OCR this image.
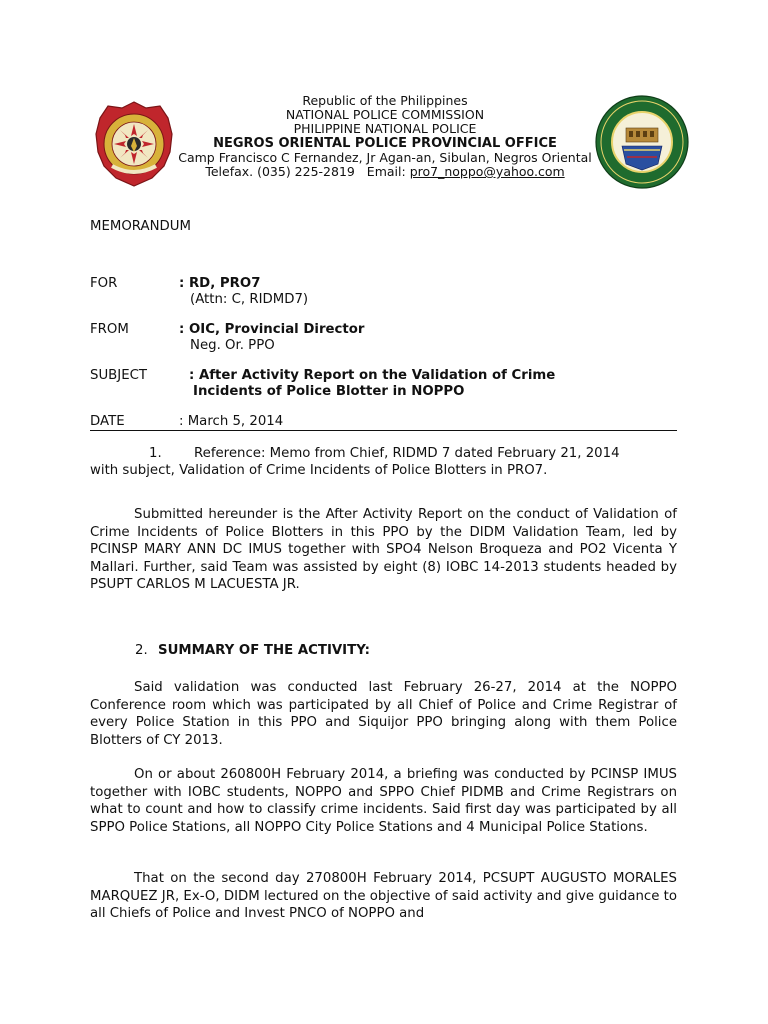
Republic of the Philippines
NATIONAL POLICE COMMISSION
PHILIPPINE NATIONAL POLICE
NEGROS ORIENTAL POLICE PROVINCIAL OFFICE
Camp Francisco C Fernandez, Jr Agan-an, Sibulan, Negros Oriental
Telefax. (035) 225-2819 Email: pro7_noppo@yahoo.com
MEMORANDUM
FOR	: RD, PRO7
(Attn: C, RIDMD7)
FROM	: OIC, Provincial Director
Neg. Or. PPO
SUBJECT	: After Activity Report on the Validation of Crime
Incidents of Police Blotter in NOPPO
DATE	: March 5, 2014
1. Reference: Memo from Chief, RIDMD 7 dated February 21, 2014
with subject, Validation of Crime Incidents of Police Blotters in PRO7.
Submitted hereunder is the After Activity Report on the conduct of Validation of Crime Incidents of Police Blotters in this PPO by the DIDM Validation Team, led by PCINSP MARY ANN DC IMUS together with SPO4 Nelson Broqueza and PO2 Vicenta Y Mallari. Further, said Team was assisted by eight (8) IOBC 14-2013 students headed by PSUPT CARLOS M LACUESTA JR.
2. SUMMARY OF THE ACTIVITY:
Said validation was conducted last February 26-27, 2014 at the NOPPO Conference room which was participated by all Chief of Police and Crime Registrar of every Police Station in this PPO and Siquijor PPO bringing along with them Police Blotters of CY 2013.
On or about 260800H February 2014, a briefing was conducted by PCINSP IMUS together with IOBC students, NOPPO and SPPO Chief PIDMB and Crime Registrars on what to count and how to classify crime incidents. Said first day was participated by all SPPO Police Stations, all NOPPO City Police Stations and 4 Municipal Police Stations.
That on the second day 270800H February 2014, PCSUPT AUGUSTO MORALES MARQUEZ JR, Ex-O, DIDM lectured on the objective of said activity and give guidance to all Chiefs of Police and Invest PNCO of NOPPO and
